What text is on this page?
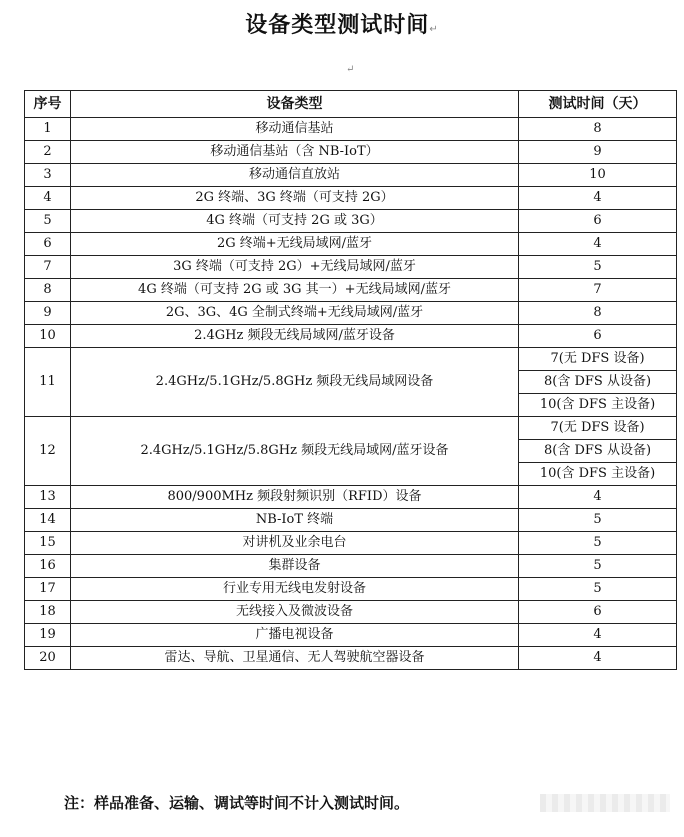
设备类型测试时间↵
↵
序号	设备类型	测试时间（天）
1	移动通信基站	8
2	移动通信基站（含 NB-IoT）	9
3	移动通信直放站	10
4	2G 终端、3G 终端（可支持 2G）	4
5	4G 终端（可支持 2G 或 3G）	6
6	2G 终端+无线局域网/蓝牙	4
7	3G 终端（可支持 2G）+无线局域网/蓝牙	5
8	4G 终端（可支持 2G 或 3G 其一）+无线局域网/蓝牙	7
9	2G、3G、4G 全制式终端+无线局域网/蓝牙	8
10	2.4GHz 频段无线局域网/蓝牙设备	6
11	2.4GHz/5.1GHz/5.8GHz 频段无线局域网设备	7(无 DFS 设备)
		8(含 DFS 从设备)
		10(含 DFS 主设备)
12	2.4GHz/5.1GHz/5.8GHz 频段无线局域网/蓝牙设备	7(无 DFS 设备)
		8(含 DFS 从设备)
		10(含 DFS 主设备)
13	800/900MHz 频段射频识别（RFID）设备	4
14	NB-IoT 终端	5
15	对讲机及业余电台	5
16	集群设备	5
17	行业专用无线电发射设备	5
18	无线接入及微波设备	6
19	广播电视设备	4
20	雷达、导航、卫星通信、无人驾驶航空器设备	4
注：样品准备、运输、调试等时间不计入测试时间。
